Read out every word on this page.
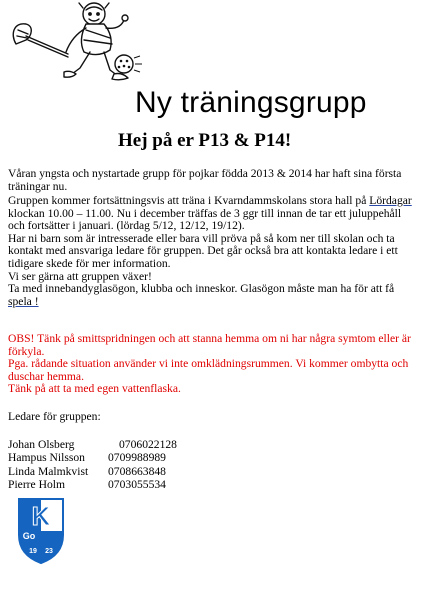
Ny träningsgrupp
Hej på er P13 & P14!

Våran yngsta och nystartade grupp för pojkar födda 2013 & 2014 har haft sina första träningar nu.

Gruppen kommer fortsättningsvis att träna i Kvarndammskolans stora hall på Lördagar klockan 10.00 – 11.00. Nu i december träffas de 3 ggr till innan de tar ett juluppehåll och fortsätter i januari. (lördag 5/12, 12/12, 19/12).
Har ni barn som är intresserade eller bara vill pröva på så kom ner till skolan och ta kontakt med ansvariga ledare för gruppen. Det går också bra att kontakta ledare i ett tidigare skede för mer information.
Vi ser gärna att gruppen växer!
Ta med innebandyglasögon, klubba och inneskor. Glasögon måste man ha för att få spela !

OBS! Tänk på smittspridningen och att stanna hemma om ni har några symtom eller är förkyla.
Pga. rådande situation använder vi inte omklädningsrummen. Vi kommer ombytta och duschar hemma.
Tänk på att ta med egen vattenflaska.

Ledare för gruppen:
Johan Olsberg	0706022128
Hampus Nilsson	0709988989
Linda Malmkvist	0708663848
Pierre Holm	0703055534
K
Go IF
19 23
